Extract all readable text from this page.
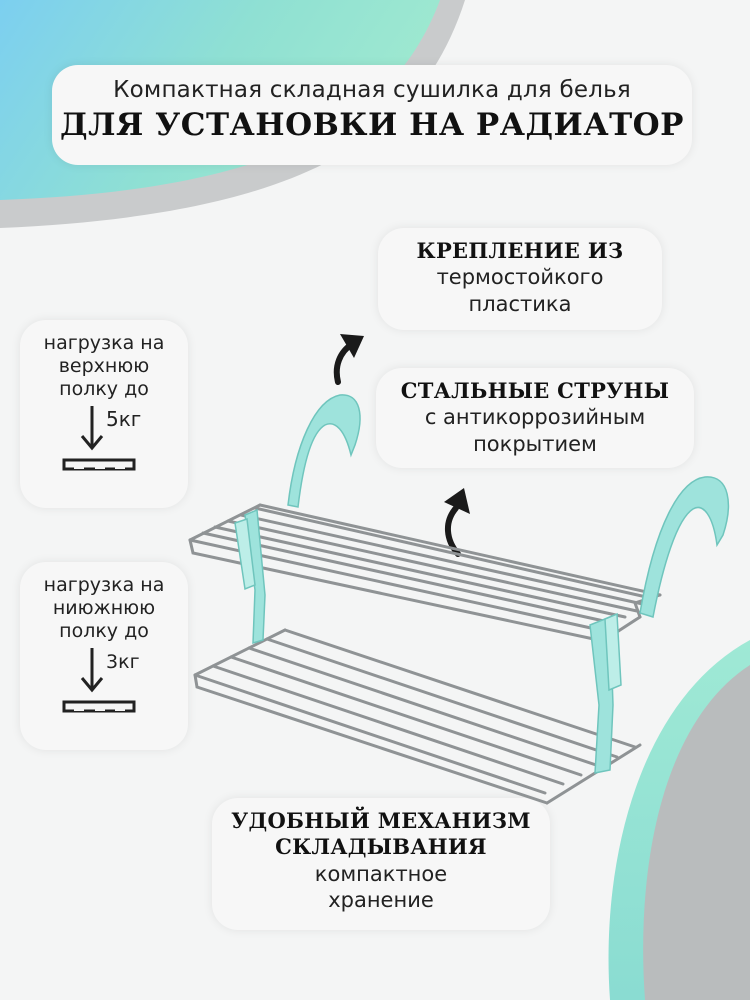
Компактная складная сушилка для белья
ДЛЯ УСТАНОВКИ НА РАДИАТОР
КРЕПЛЕНИЕ ИЗ
термостойкого
пластика
СТАЛЬНЫЕ СТРУНЫ
с антикоррозийным
покрытием
УДОБНЫЙ МЕХАНИЗМ
СКЛАДЫВАНИЯ
компактное
хранение
нагрузка на
верхнюю
полку до
5кг
нагрузка на
ниюжнюю
полку до
3кг
